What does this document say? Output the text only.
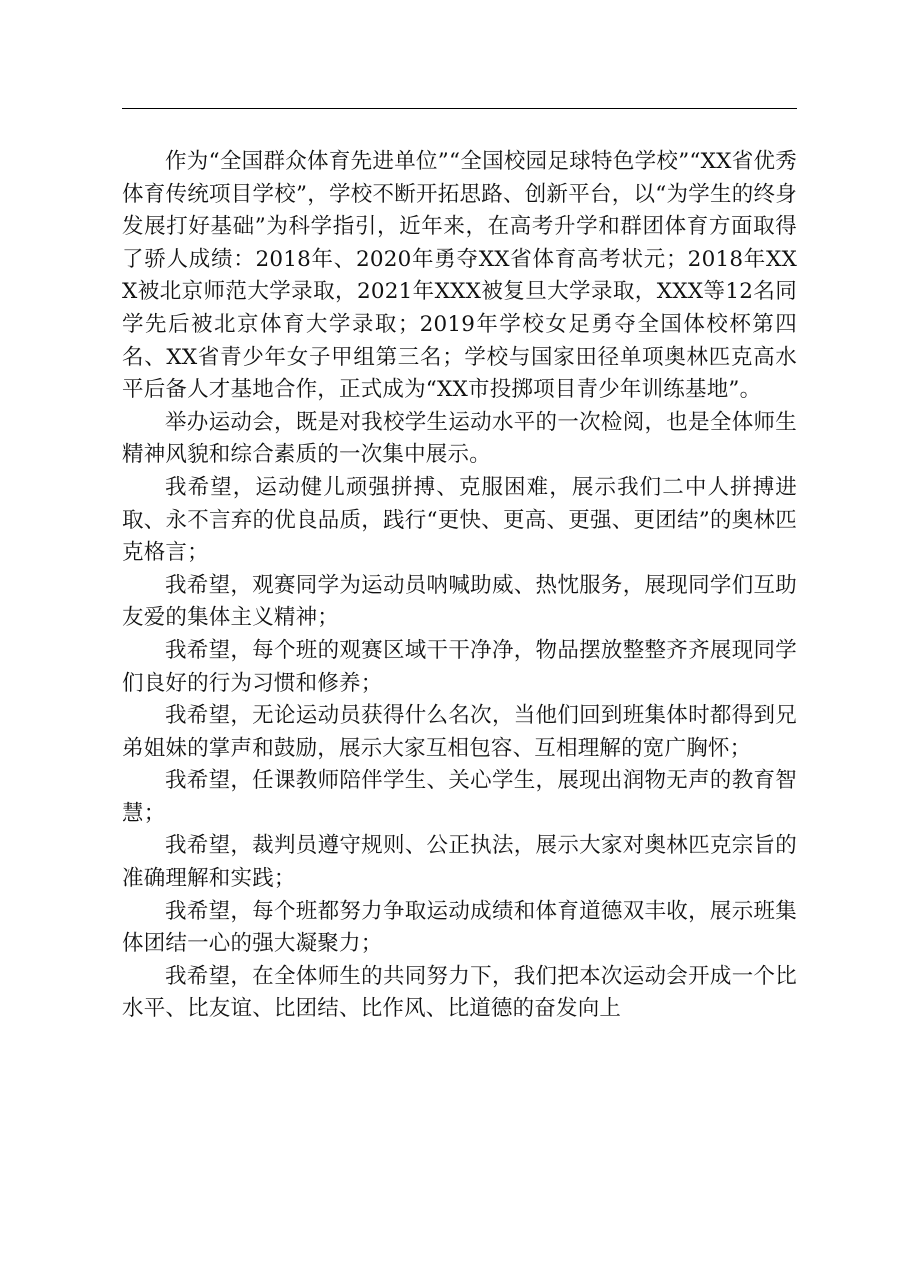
作为“全国群众体育先进单位”“全国校园足球特色学校”“XX省优秀体育传统项目学校”，学校不断开拓思路、创新平台，以“为学生的终身发展打好基础”为科学指引，近年来，在高考升学和群团体育方面取得了骄人成绩：2018年、2020年勇夺XX省体育高考状元；2018年XXX被北京师范大学录取，2021年XXX被复旦大学录取，XXX等12名同学先后被北京体育大学录取；2019年学校女足勇夺全国体校杯第四名、XX省青少年女子甲组第三名；学校与国家田径单项奥林匹克高水平后备人才基地合作，正式成为“XX市投掷项目青少年训练基地”。

举办运动会，既是对我校学生运动水平的一次检阅，也是全体师生精神风貌和综合素质的一次集中展示。

我希望，运动健儿顽强拼搏、克服困难，展示我们二中人拼搏进取、永不言弃的优良品质，践行“更快、更高、更强、更团结”的奥林匹克格言；

我希望，观赛同学为运动员呐喊助威、热忱服务，展现同学们互助友爱的集体主义精神；

我希望，每个班的观赛区域干干净净，物品摆放整整齐齐展现同学们良好的行为习惯和修养；

我希望，无论运动员获得什么名次，当他们回到班集体时都得到兄弟姐妹的掌声和鼓励，展示大家互相包容、互相理解的宽广胸怀；

我希望，任课教师陪伴学生、关心学生，展现出润物无声的教育智慧；

我希望，裁判员遵守规则、公正执法，展示大家对奥林匹克宗旨的准确理解和实践；

我希望，每个班都努力争取运动成绩和体育道德双丰收，展示班集体团结一心的强大凝聚力；

我希望，在全体师生的共同努力下，我们把本次运动会开成一个比水平、比友谊、比团结、比作风、比道德的奋发向上
